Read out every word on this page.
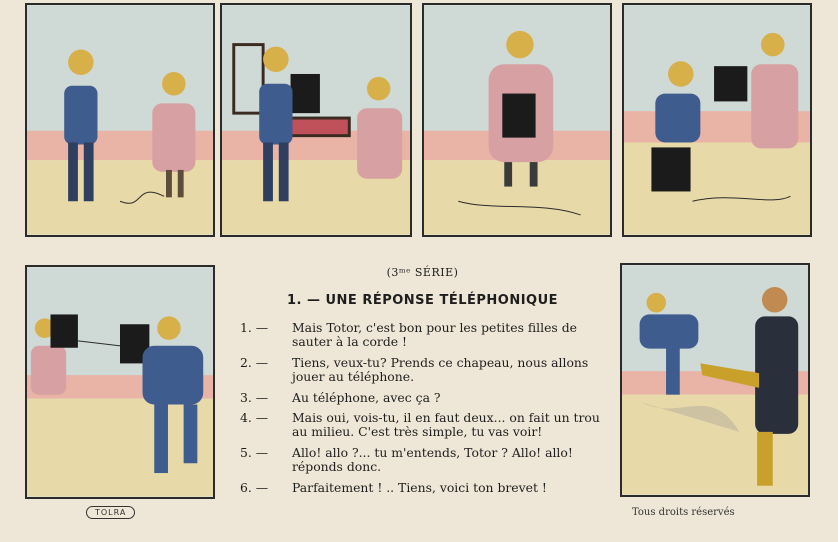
(3ᵐᵉ SÉRIE)
1. — UNE RÉPONSE TÉLÉPHONIQUE
1. —	Mais Totor, c'est bon pour les petites filles de sauter à la corde !
2. —	Tiens, veux-tu? Prends ce chapeau, nous allons jouer au téléphone.
3. —	Au téléphone, avec ça ?
4. —	Mais oui, vois-tu, il en faut deux... on fait un trou au milieu. C'est très simple, tu vas voir!
5. —	Allo! allo ?... tu m'entends, Totor ? Allo! allo! réponds donc.
6. —	Parfaitement ! .. Tiens, voici ton brevet !
TOLRA	Tous droits réservés
